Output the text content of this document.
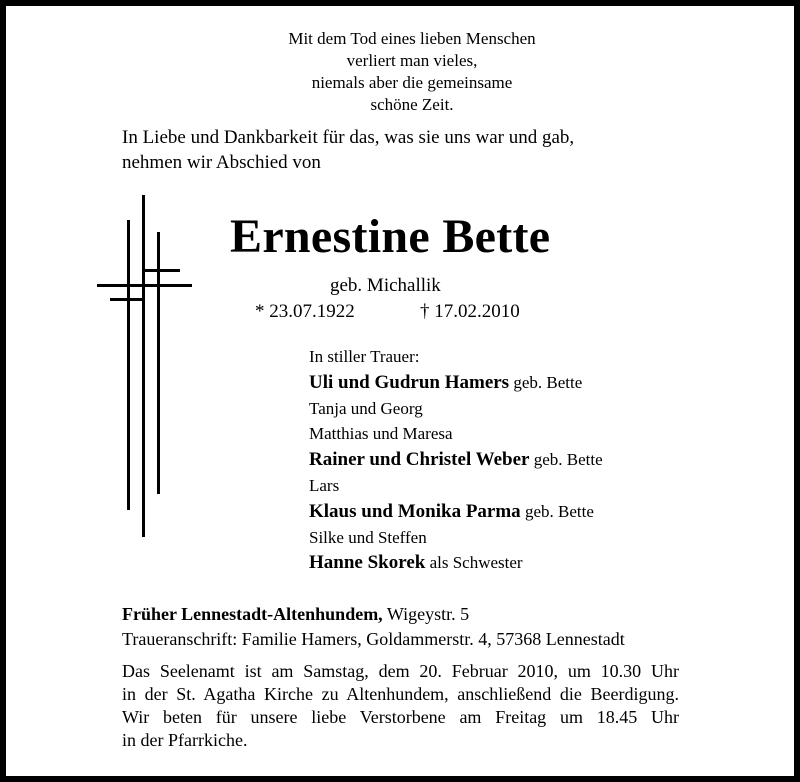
Mit dem Tod eines lieben Menschen
verliert man vieles,
niemals aber die gemeinsame
schöne Zeit.
In Liebe und Dankbarkeit für das, was sie uns war und gab,
nehmen wir Abschied von
Ernestine Bette
geb. Michallik
* 23.07.1922	† 17.02.2010
In stiller Trauer:
Uli und Gudrun Hamers geb. Bette
Tanja und Georg
Matthias und Maresa
Rainer und Christel Weber geb. Bette
Lars
Klaus und Monika Parma geb. Bette
Silke und Steffen
Hanne Skorek als Schwester
Früher Lennestadt-Altenhundem, Wigeystr. 5
Traueranschrift: Familie Hamers, Goldammerstr. 4, 57368 Lennestadt
Das Seelenamt ist am Samstag, dem 20. Februar 2010, um 10.30 Uhr
in der St. Agatha Kirche zu Altenhundem, anschließend die Beerdigung.
Wir beten für unsere liebe Verstorbene am Freitag um 18.45 Uhr
in der Pfarrkiche.
